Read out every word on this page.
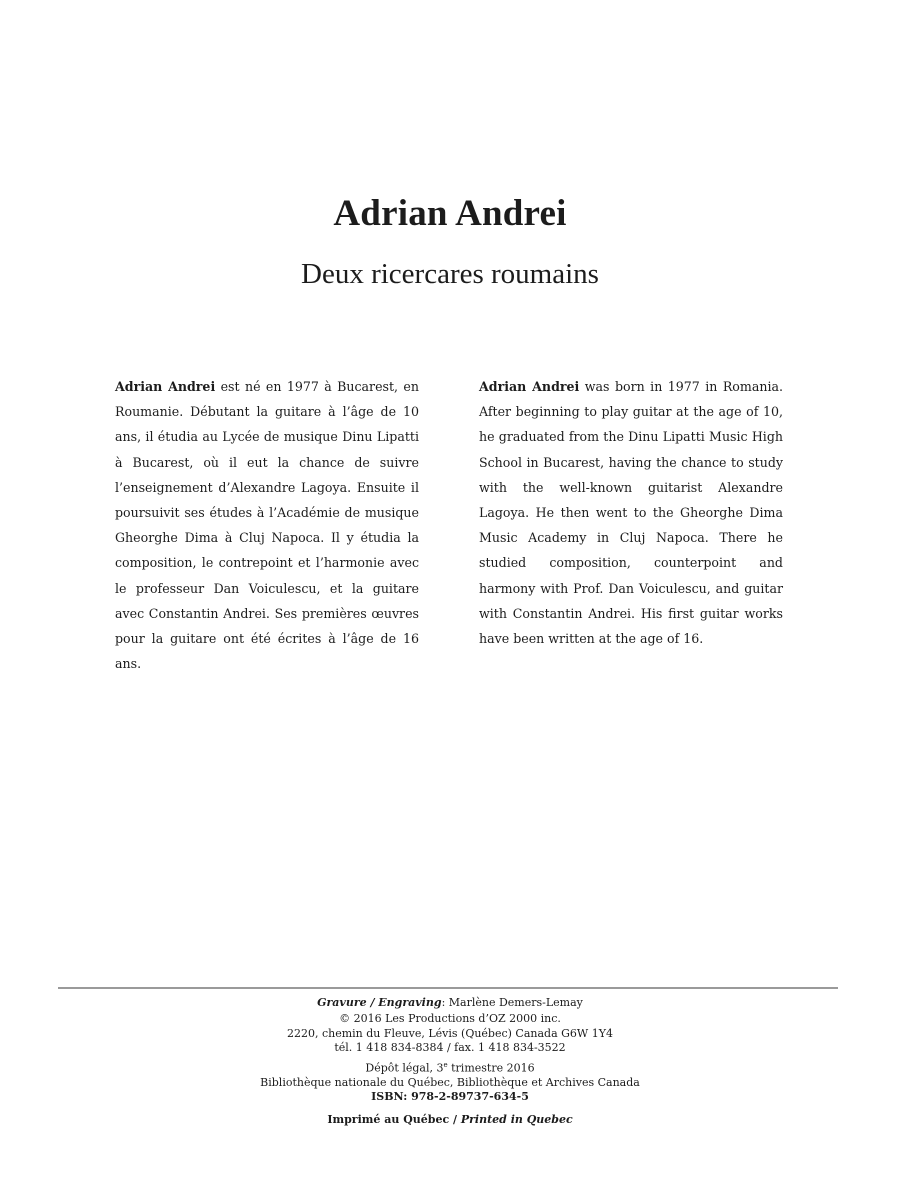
Adrian Andrei
Deux ricercares roumains

Adrian Andrei est né en 1977 à Bucarest, en Roumanie. Débutant la guitare à l’âge de 10 ans, il étudia au Lycée de musique Dinu Lipatti à Bucarest, où il eut la chance de suivre l’enseignement d’Alexandre Lagoya. Ensuite il poursuivit ses études à l’Académie de musique Gheorghe Dima à Cluj Napoca. Il y étudia la composition, le contrepoint et l’harmonie avec le professeur Dan Voiculescu, et la guitare avec Constantin Andrei. Ses premières œuvres pour la guitare ont été écrites à l’âge de 16 ans.

Adrian Andrei was born in 1977 in Romania. After beginning to play guitar at the age of 10, he graduated from the Dinu Lipatti Music High School in Bucarest, having the chance to study with the well-known guitarist Alexandre Lagoya. He then went to the Gheorghe Dima Music Academy in Cluj Napoca. There he studied composition, counterpoint and harmony with Prof. Dan Voiculescu, and guitar with Constantin Andrei. His first guitar works have been written at the age of 16.

Gravure / Engraving: Marlène Demers-Lemay
© 2016 Les Productions d’OZ 2000 inc.
2220, chemin du Fleuve, Lévis (Québec) Canada G6W 1Y4
tél. 1 418 834-8384 / fax. 1 418 834-3522
Dépôt légal, 3e trimestre 2016
Bibliothèque nationale du Québec, Bibliothèque et Archives Canada
ISBN: 978-2-89737-634-5
Imprimé au Québec / Printed in Quebec
